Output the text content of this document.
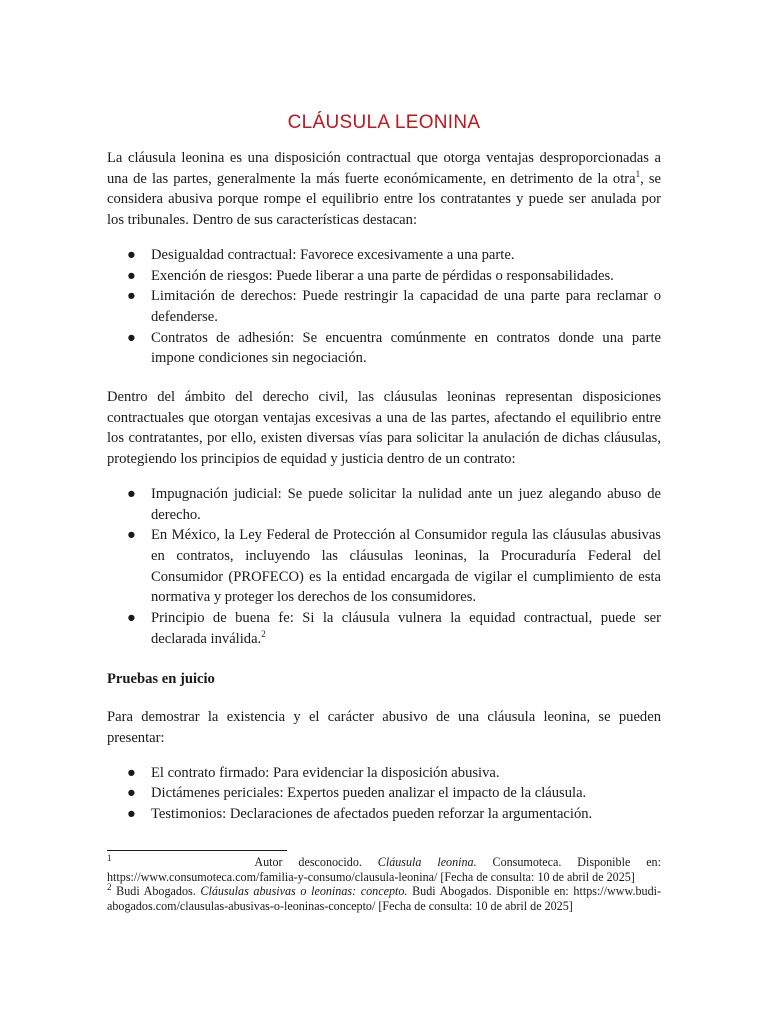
CLÁUSULA LEONINA

La cláusula leonina es una disposición contractual que otorga ventajas desproporcionadas a una de las partes, generalmente la más fuerte económicamente, en detrimento de la otra$^1$, se considera abusiva porque rompe el equilibrio entre los contratantes y puede ser anulada por los tribunales. Dentro de sus características destacan:

● Desigualdad contractual: Favorece excesivamente a una parte.
● Exención de riesgos: Puede liberar a una parte de pérdidas o responsabilidades.
● Limitación de derechos: Puede restringir la capacidad de una parte para reclamar o defenderse.
● Contratos de adhesión: Se encuentra comúnmente en contratos donde una parte impone condiciones sin negociación.

Dentro del ámbito del derecho civil, las cláusulas leoninas representan disposiciones contractuales que otorgan ventajas excesivas a una de las partes, afectando el equilibrio entre los contratantes, por ello, existen diversas vías para solicitar la anulación de dichas cláusulas, protegiendo los principios de equidad y justicia dentro de un contrato:

● Impugnación judicial: Se puede solicitar la nulidad ante un juez alegando abuso de derecho.
● En México, la Ley Federal de Protección al Consumidor regula las cláusulas abusivas en contratos, incluyendo las cláusulas leoninas, la Procuraduría Federal del Consumidor (PROFECO) es la entidad encargada de vigilar el cumplimiento de esta normativa y proteger los derechos de los consumidores.
● Principio de buena fe: Si la cláusula vulnera la equidad contractual, puede ser declarada inválida.$^2$

Pruebas en juicio

Para demostrar la existencia y el carácter abusivo de una cláusula leonina, se pueden presentar:

● El contrato firmado: Para evidenciar la disposición abusiva.
● Dictámenes periciales: Expertos pueden analizar el impacto de la cláusula.
● Testimonios: Declaraciones de afectados pueden reforzar la argumentación.
$^1$	Autor desconocido. Cláusula leonina. Consumoteca. Disponible en: https://www.consumoteca.com/familia-y-consumo/clausula-leonina/ [Fecha de consulta: 10 de abril de 2025]
$^2$ Budi Abogados. Cláusulas abusivas o leoninas: concepto. Budi Abogados. Disponible en: https://www.budi-abogados.com/clausulas-abusivas-o-leoninas-concepto/ [Fecha de consulta: 10 de abril de 2025]
